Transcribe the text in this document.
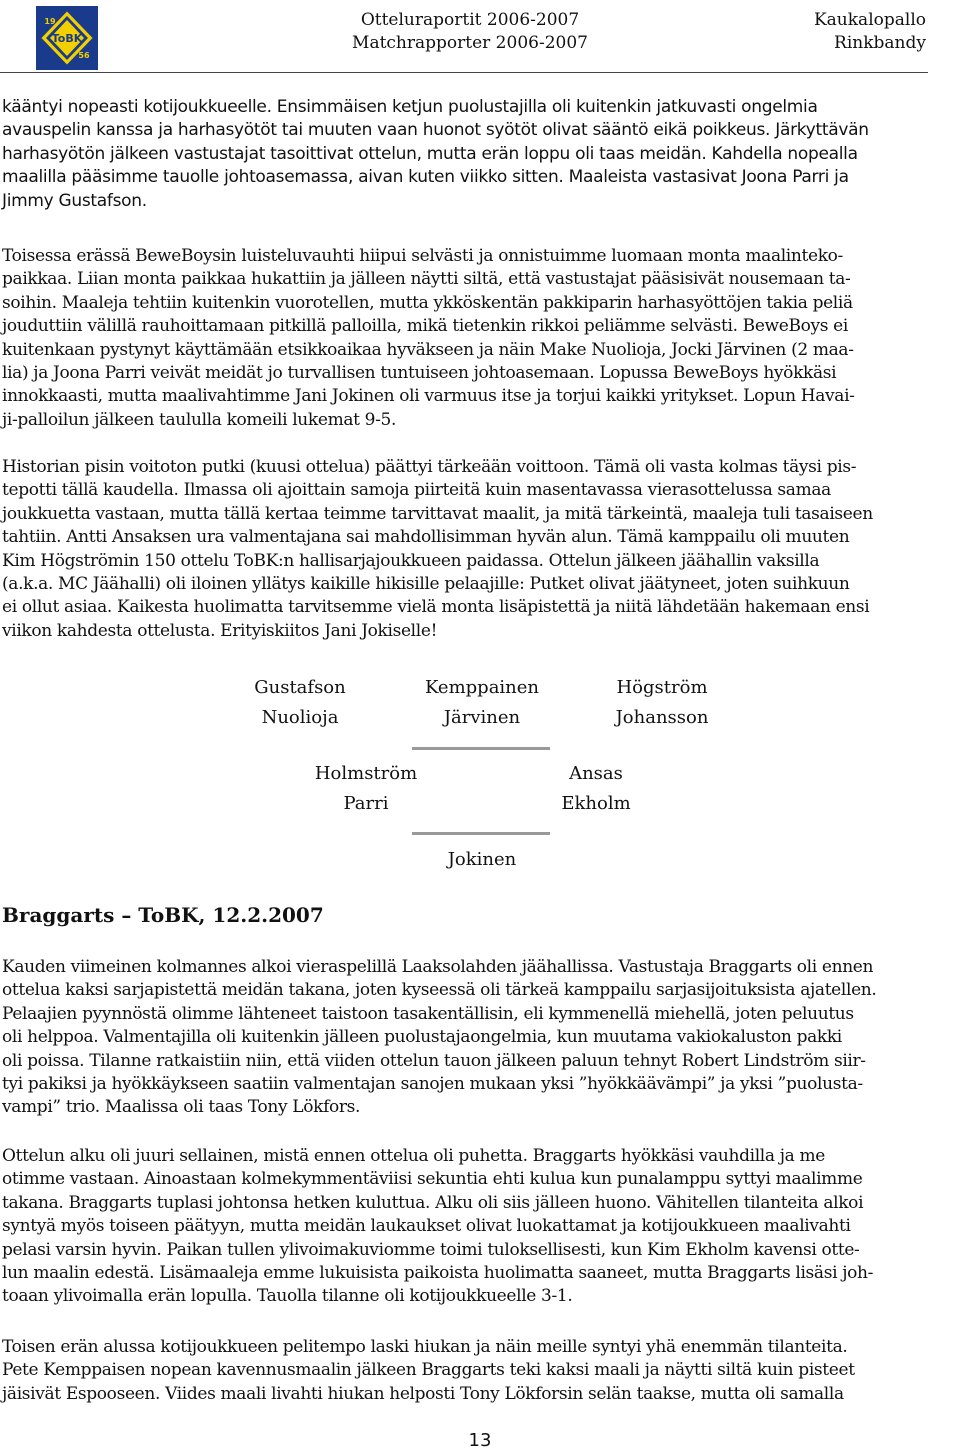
ToBK
19
56
Otteluraportit 2006-2007
Matchrapporter 2006-2007
Kaukalopallo
Rinkbandy

kääntyi nopeasti kotijoukkueelle. Ensimmäisen ketjun puolustajilla oli kuitenkin jatkuvasti ongelmia
avauspelin kanssa ja harhasyötöt tai muuten vaan huonot syötöt olivat sääntö eikä poikkeus. Järkyttävän
harhasyötön jälkeen vastustajat tasoittivat ottelun, mutta erän loppu oli taas meidän. Kahdella nopealla
maalilla pääsimme tauolle johtoasemassa, aivan kuten viikko sitten. Maaleista vastasivat Joona Parri ja
Jimmy Gustafson.

Toisessa erässä BeweBoysin luisteluvauhti hiipui selvästi ja onnistuimme luomaan monta maalinteko-
paikkaa. Liian monta paikkaa hukattiin ja jälleen näytti siltä, että vastustajat pääsisivät nousemaan ta-
soihin. Maaleja tehtiin kuitenkin vuorotellen, mutta ykköskentän pakkiparin harhasyöttöjen takia peliä
jouduttiin välillä rauhoittamaan pitkillä palloilla, mikä tietenkin rikkoi peliämme selvästi. BeweBoys ei
kuitenkaan pystynyt käyttämään etsikkoaikaa hyväkseen ja näin Make Nuolioja, Jocki Järvinen (2 maa-
lia) ja Joona Parri veivät meidät jo turvallisen tuntuiseen johtoasemaan. Lopussa BeweBoys hyökkäsi
innokkaasti, mutta maalivahtimme Jani Jokinen oli varmuus itse ja torjui kaikki yritykset. Lopun Havai-
ji-palloilun jälkeen taululla komeili lukemat 9-5.

Historian pisin voitoton putki (kuusi ottelua) päättyi tärkeään voittoon. Tämä oli vasta kolmas täysi pis-
tepotti tällä kaudella. Ilmassa oli ajoittain samoja piirteitä kuin masentavassa vierasottelussa samaa
joukkuetta vastaan, mutta tällä kertaa teimme tarvittavat maalit, ja mitä tärkeintä, maaleja tuli tasaiseen
tahtiin. Antti Ansaksen ura valmentajana sai mahdollisimman hyvän alun. Tämä kamppailu oli muuten
Kim Högströmin 150 ottelu ToBK:n hallisarjajoukkueen paidassa. Ottelun jälkeen jäähallin vaksilla
(a.k.a. MC Jäähalli) oli iloinen yllätys kaikille hikisille pelaajille: Putket olivat jäätyneet, joten suihkuun
ei ollut asiaa. Kaikesta huolimatta tarvitsemme vielä monta lisäpistettä ja niitä lähdetään hakemaan ensi
viikon kahdesta ottelusta. Erityiskiitos Jani Jokiselle!

Gustafson	Kemppainen	Högström
Nuolioja	Järvinen	Johansson
Holmström	Ansas
Parri	Ekholm
Jokinen
Braggarts – ToBK, 12.2.2007

Kauden viimeinen kolmannes alkoi vieraspelillä Laaksolahden jäähallissa. Vastustaja Braggarts oli ennen
ottelua kaksi sarjapistettä meidän takana, joten kyseessä oli tärkeä kamppailu sarjasijoituksista ajatellen.
Pelaajien pyynnöstä olimme lähteneet taistoon tasakentällisin, eli kymmenellä miehellä, joten peluutus
oli helppoa. Valmentajilla oli kuitenkin jälleen puolustajaongelmia, kun muutama vakiokaluston pakki
oli poissa. Tilanne ratkaistiin niin, että viiden ottelun tauon jälkeen paluun tehnyt Robert Lindström siir-
tyi pakiksi ja hyökkäykseen saatiin valmentajan sanojen mukaan yksi ”hyökkäävämpi” ja yksi ”puolusta-
vampi” trio. Maalissa oli taas Tony Lökfors.

Ottelun alku oli juuri sellainen, mistä ennen ottelua oli puhetta. Braggarts hyökkäsi vauhdilla ja me
otimme vastaan. Ainoastaan kolmekymmentäviisi sekuntia ehti kulua kun punalamppu syttyi maalimme
takana. Braggarts tuplasi johtonsa hetken kuluttua. Alku oli siis jälleen huono. Vähitellen tilanteita alkoi
syntyä myös toiseen päätyyn, mutta meidän laukaukset olivat luokattamat ja kotijoukkueen maalivahti
pelasi varsin hyvin. Paikan tullen ylivoimakuviomme toimi tuloksellisesti, kun Kim Ekholm kavensi otte-
lun maalin edestä. Lisämaaleja emme lukuisista paikoista huolimatta saaneet, mutta Braggarts lisäsi joh-
toaan ylivoimalla erän lopulla. Tauolla tilanne oli kotijoukkueelle 3-1.

Toisen erän alussa kotijoukkueen pelitempo laski hiukan ja näin meille syntyi yhä enemmän tilanteita.
Pete Kemppaisen nopean kavennusmaalin jälkeen Braggarts teki kaksi maali ja näytti siltä kuin pisteet
jäisivät Espooseen. Viides maali livahti hiukan helposti Tony Lökforsin selän taakse, mutta oli samalla

13
